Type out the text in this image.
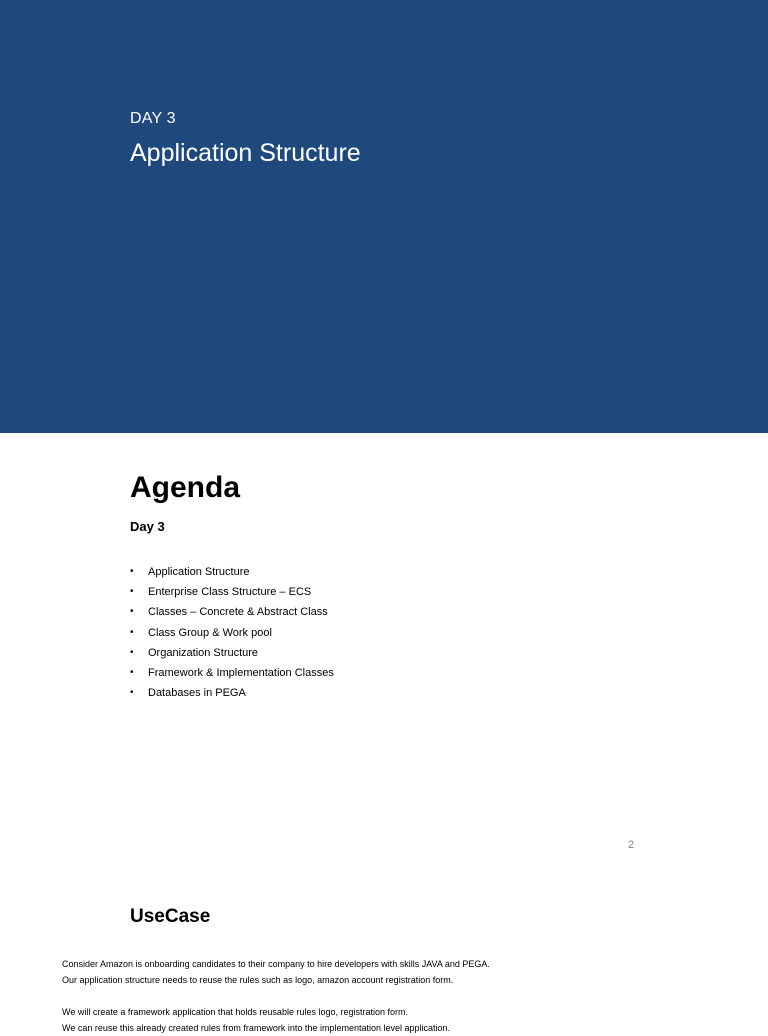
DAY 3
Application Structure
Agenda
Day 3
• Application Structure
• Enterprise Class Structure – ECS
• Classes – Concrete & Abstract Class
• Class Group & Work pool
• Organization Structure
• Framework & Implementation Classes
• Databases in PEGA
2
UseCase

Consider Amazon is onboarding candidates to their company to hire developers with skills JAVA and PEGA.

Our application structure needs to reuse the rules such as logo, amazon account registration form.

We will create a framework application that holds reusable rules logo, registration form.

We can reuse this already created rules from framework into the implementation level application.
